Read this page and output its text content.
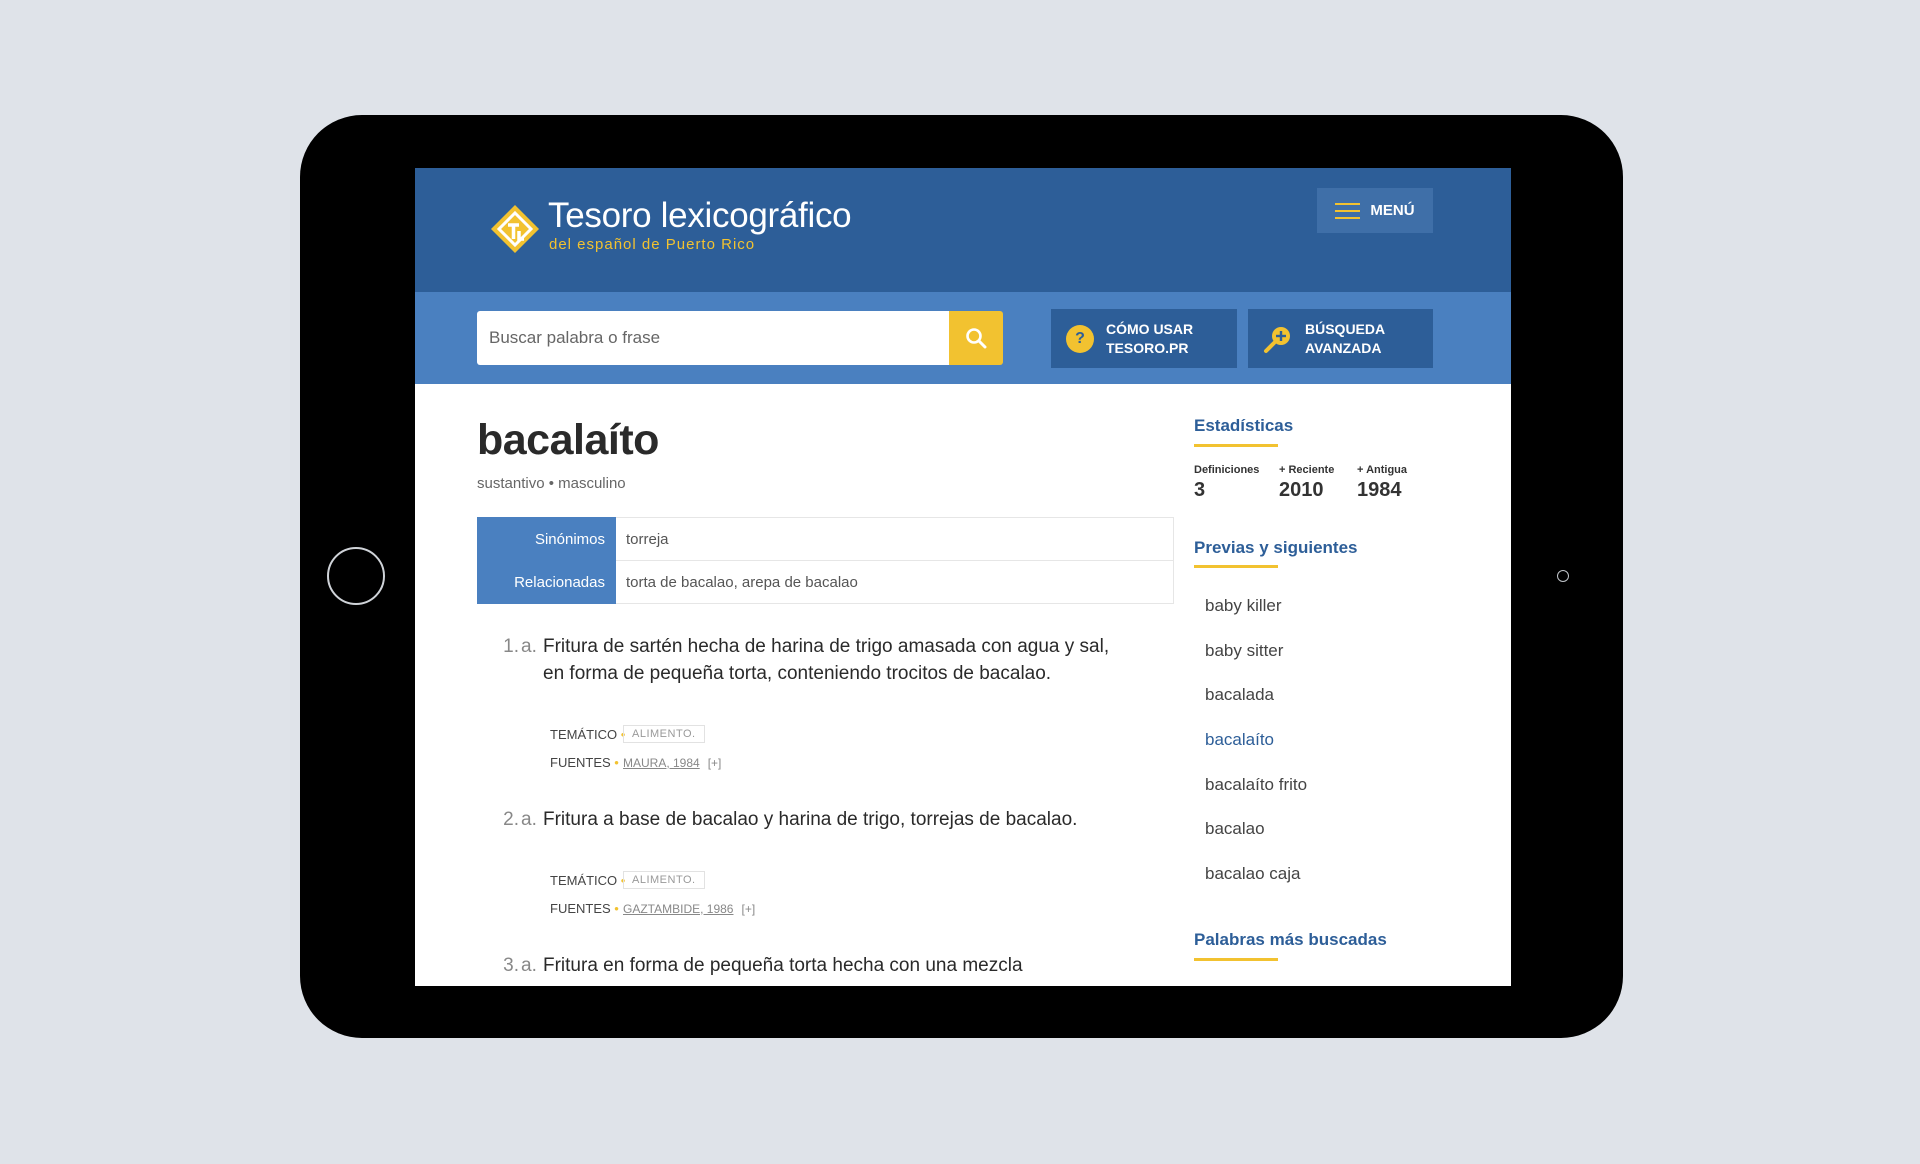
Tesoro lexicográfico
del español de Puerto Rico
MENÚ
Buscar palabra o frase
?
CÓMO USAR
TESORO.PR
BÚSQUEDA
AVANZADA
bacalaíto
sustantivo • masculino
Sinónimos	torreja
Relacionadas	torta de bacalao, arepa de bacalao
1. a. Fritura de sartén hecha de harina de trigo amasada con agua y sal, en forma de pequeña torta, conteniendo trocitos de bacalao.
TEMÁTICO • ALIMENTO.
FUENTES • MAURA, 1984 [+]
2. a. Fritura a base de bacalao y harina de trigo, torrejas de bacalao.
TEMÁTICO • ALIMENTO.
FUENTES • GAZTAMBIDE, 1986 [+]
3. a. Fritura en forma de pequeña torta hecha con una mezcla
Estadísticas
Definiciones
3
+ Reciente
2010
+ Antigua
1984
Previas y siguientes
baby killer
baby sitter
bacalada
bacalaíto
bacalaíto frito
bacalao
bacalao caja
Palabras más buscadas
